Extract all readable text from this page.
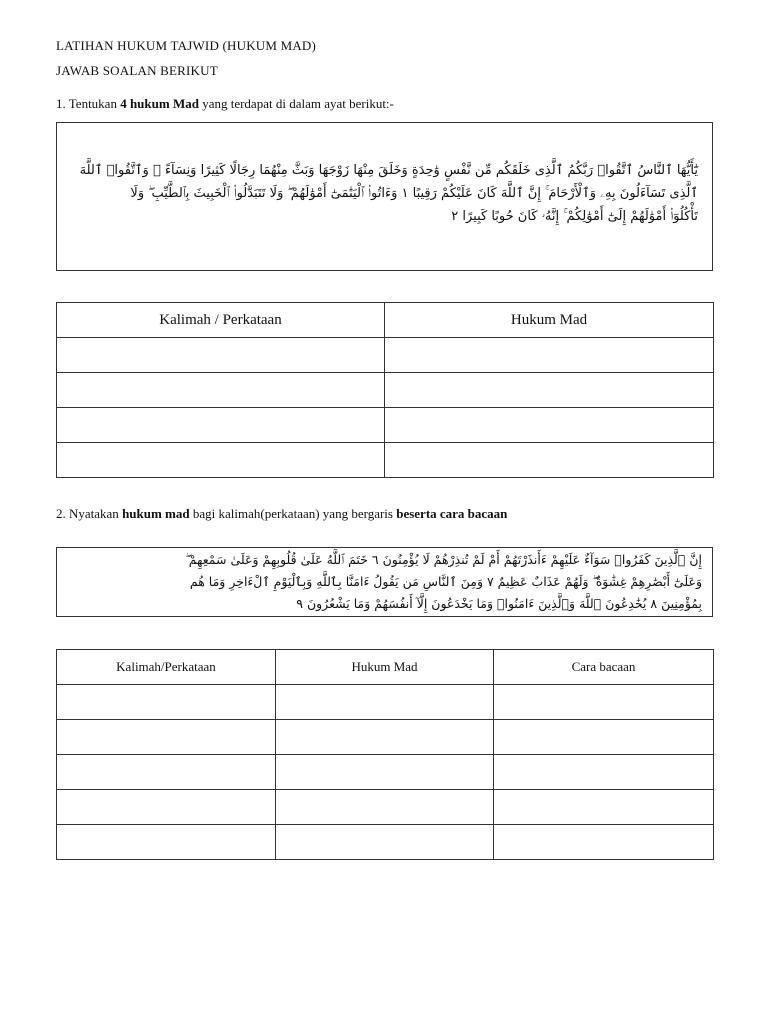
LATIHAN HUKUM TAJWID (HUKUM MAD)
JAWAB SOALAN BERIKUT
1. Tentukan 4 hukum Mad yang terdapat di dalam ayat berikut:-
يَٰٓأَيُّهَا ٱلنَّاسُ ٱتَّقُوا۟ رَبَّكُمُ ٱلَّذِى خَلَقَكُم مِّن نَّفْسٍ وَٰحِدَةٍ وَخَلَقَ مِنْهَا زَوْجَهَا وَبَثَّ مِنْهُمَا رِجَالًا كَثِيرًا وَنِسَآءً ۚ وَٱتَّقُوا۟ ٱللَّهَ
ٱلَّذِى تَسَآءَلُونَ بِهِۦ وَٱلْأَرْحَامَ ۚ إِنَّ ٱللَّهَ كَانَ عَلَيْكُمْ رَقِيبًا ١ وَءَاتُوا۟ ٱلْيَتَٰمَىٰٓ أَمْوَٰلَهُمْ ۖ وَلَا تَتَبَدَّلُوا۟ ٱلْخَبِيثَ بِٱلطَّيِّبِ ۖ وَلَا
تَأْكُلُوٓا۟ أَمْوَٰلَهُمْ إِلَىٰٓ أَمْوَٰلِكُمْ ۚ إِنَّهُۥ كَانَ حُوبًا كَبِيرًا ٢
Kalimah / Perkataan	Hukum Mad

2. Nyatakan hukum mad bagi kalimah(perkataan) yang bergaris beserta cara bacaan
إِنَّ ٱلَّذِينَ كَفَرُوا۟ سَوَآءٌ عَلَيْهِمْ ءَأَنذَرْتَهُمْ أَمْ لَمْ تُنذِرْهُمْ لَا يُؤْمِنُونَ ٦ خَتَمَ ٱللَّهُ عَلَىٰ قُلُوبِهِمْ وَعَلَىٰ سَمْعِهِمْ ۖ
وَعَلَىٰٓ أَبْصَٰرِهِمْ غِشَٰوَةٌ ۖ وَلَهُمْ عَذَابٌ عَظِيمٌ ٧ وَمِنَ ٱلنَّاسِ مَن يَقُولُ ءَامَنَّا بِٱللَّهِ وَبِٱلْيَوْمِ ٱلْءَاخِرِ وَمَا هُم
بِمُؤْمِنِينَ ٨ يُخَٰدِعُونَ ٱللَّهَ وَٱلَّذِينَ ءَامَنُوا۟ وَمَا يَخْدَعُونَ إِلَّآ أَنفُسَهُمْ وَمَا يَشْعُرُونَ ٩
Kalimah/Perkataan	Hukum Mad	Cara bacaan
